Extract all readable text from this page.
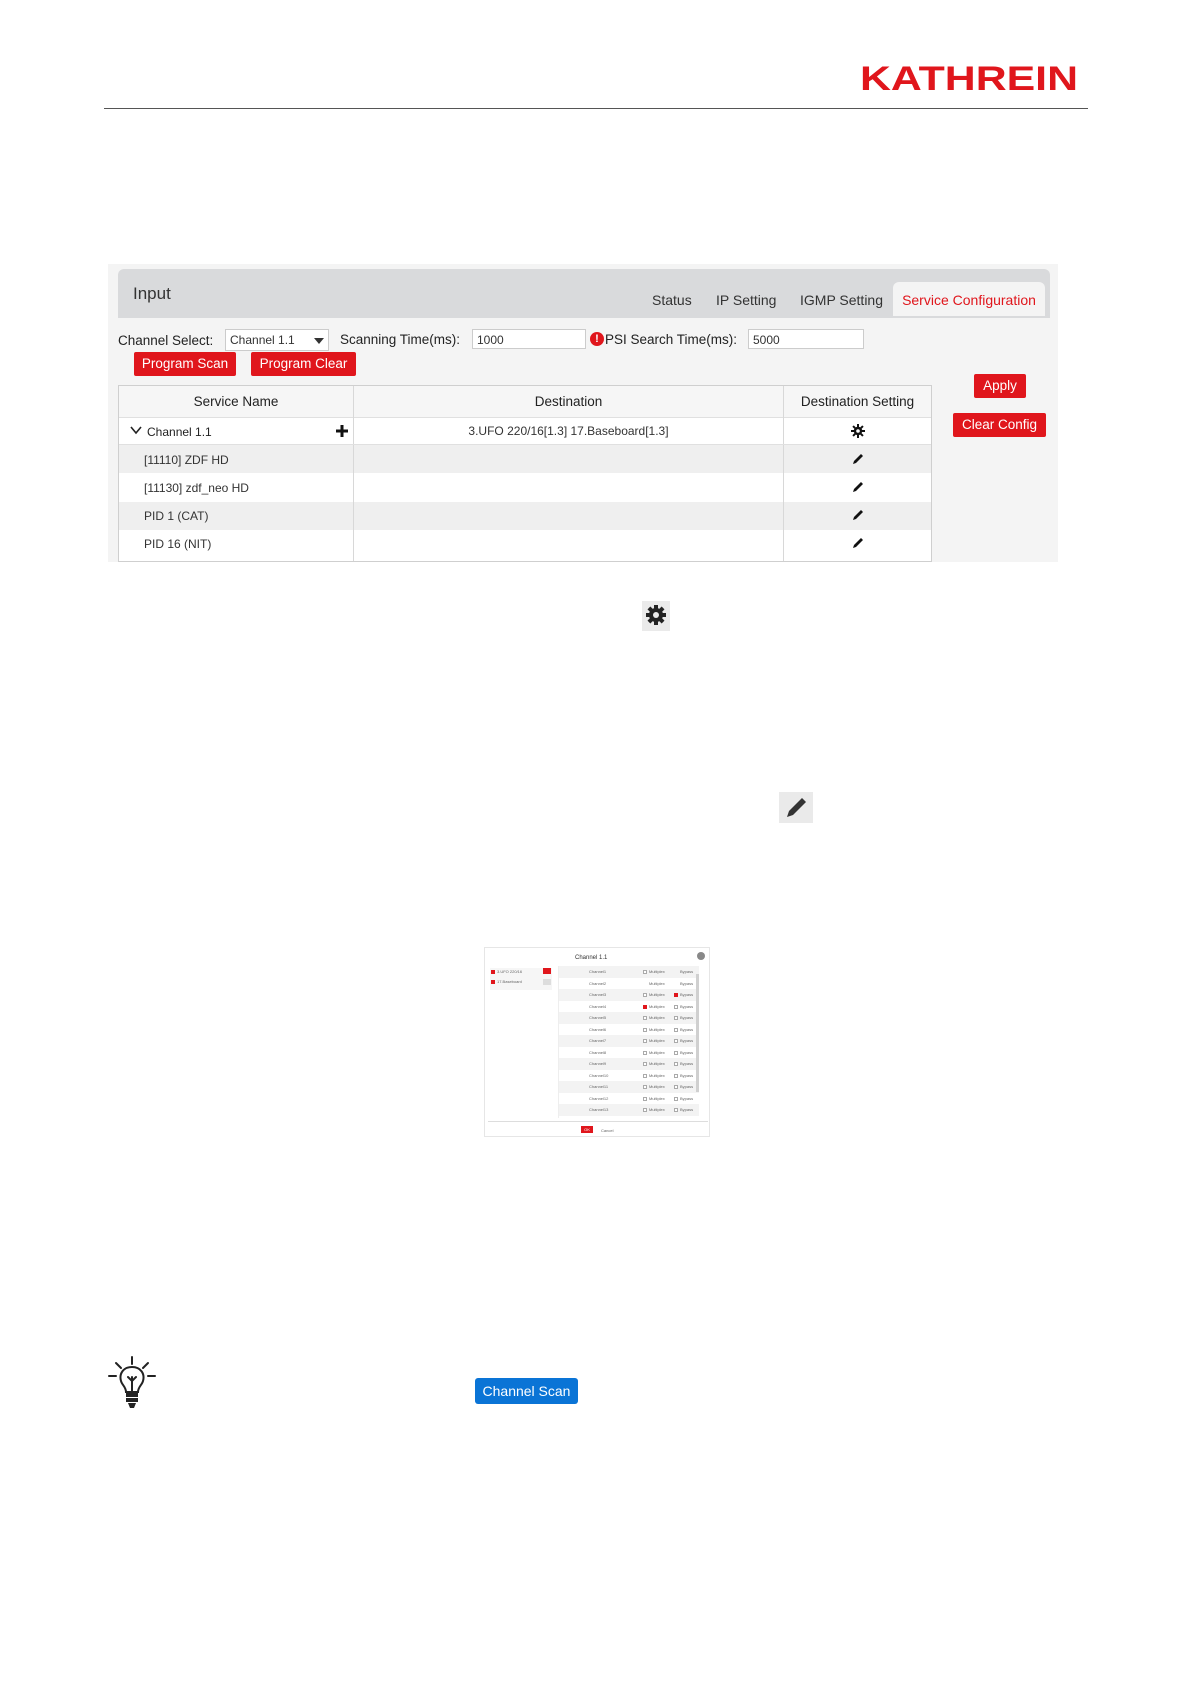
KATHREIN
Input	Status IP Setting IGMP Setting	Service Configuration
Channel Select:	Channel 1.1	Scanning Time(ms):	1000	! PSI Search Time(ms):	5000
Program Scan	Program Clear
Apply
Clear Config
Service Name	Destination	Destination Setting
Channel 1.1	3.UFO 220/16[1.3] 17.Baseboard[1.3]
[11110] ZDF HD
[11130] zdf_neo HD
PID 1 (CAT)
PID 16 (NIT)
Channel 1.1
3.UFO 220/16
17.Baseboard
Channel1	Multiplex	Bypass
Channel2	Multiplex	Bypass
Channel3	Multiplex	Bypass
Channel4	Multiplex	Bypass
Channel5	Multiplex	Bypass
Channel6	Multiplex	Bypass
Channel7	Multiplex	Bypass
Channel8	Multiplex	Bypass
Channel9	Multiplex	Bypass
Channel10	Multiplex	Bypass
Channel11	Multiplex	Bypass
Channel12	Multiplex	Bypass
Channel13	Multiplex	Bypass
OK	Cancel
Channel Scan
